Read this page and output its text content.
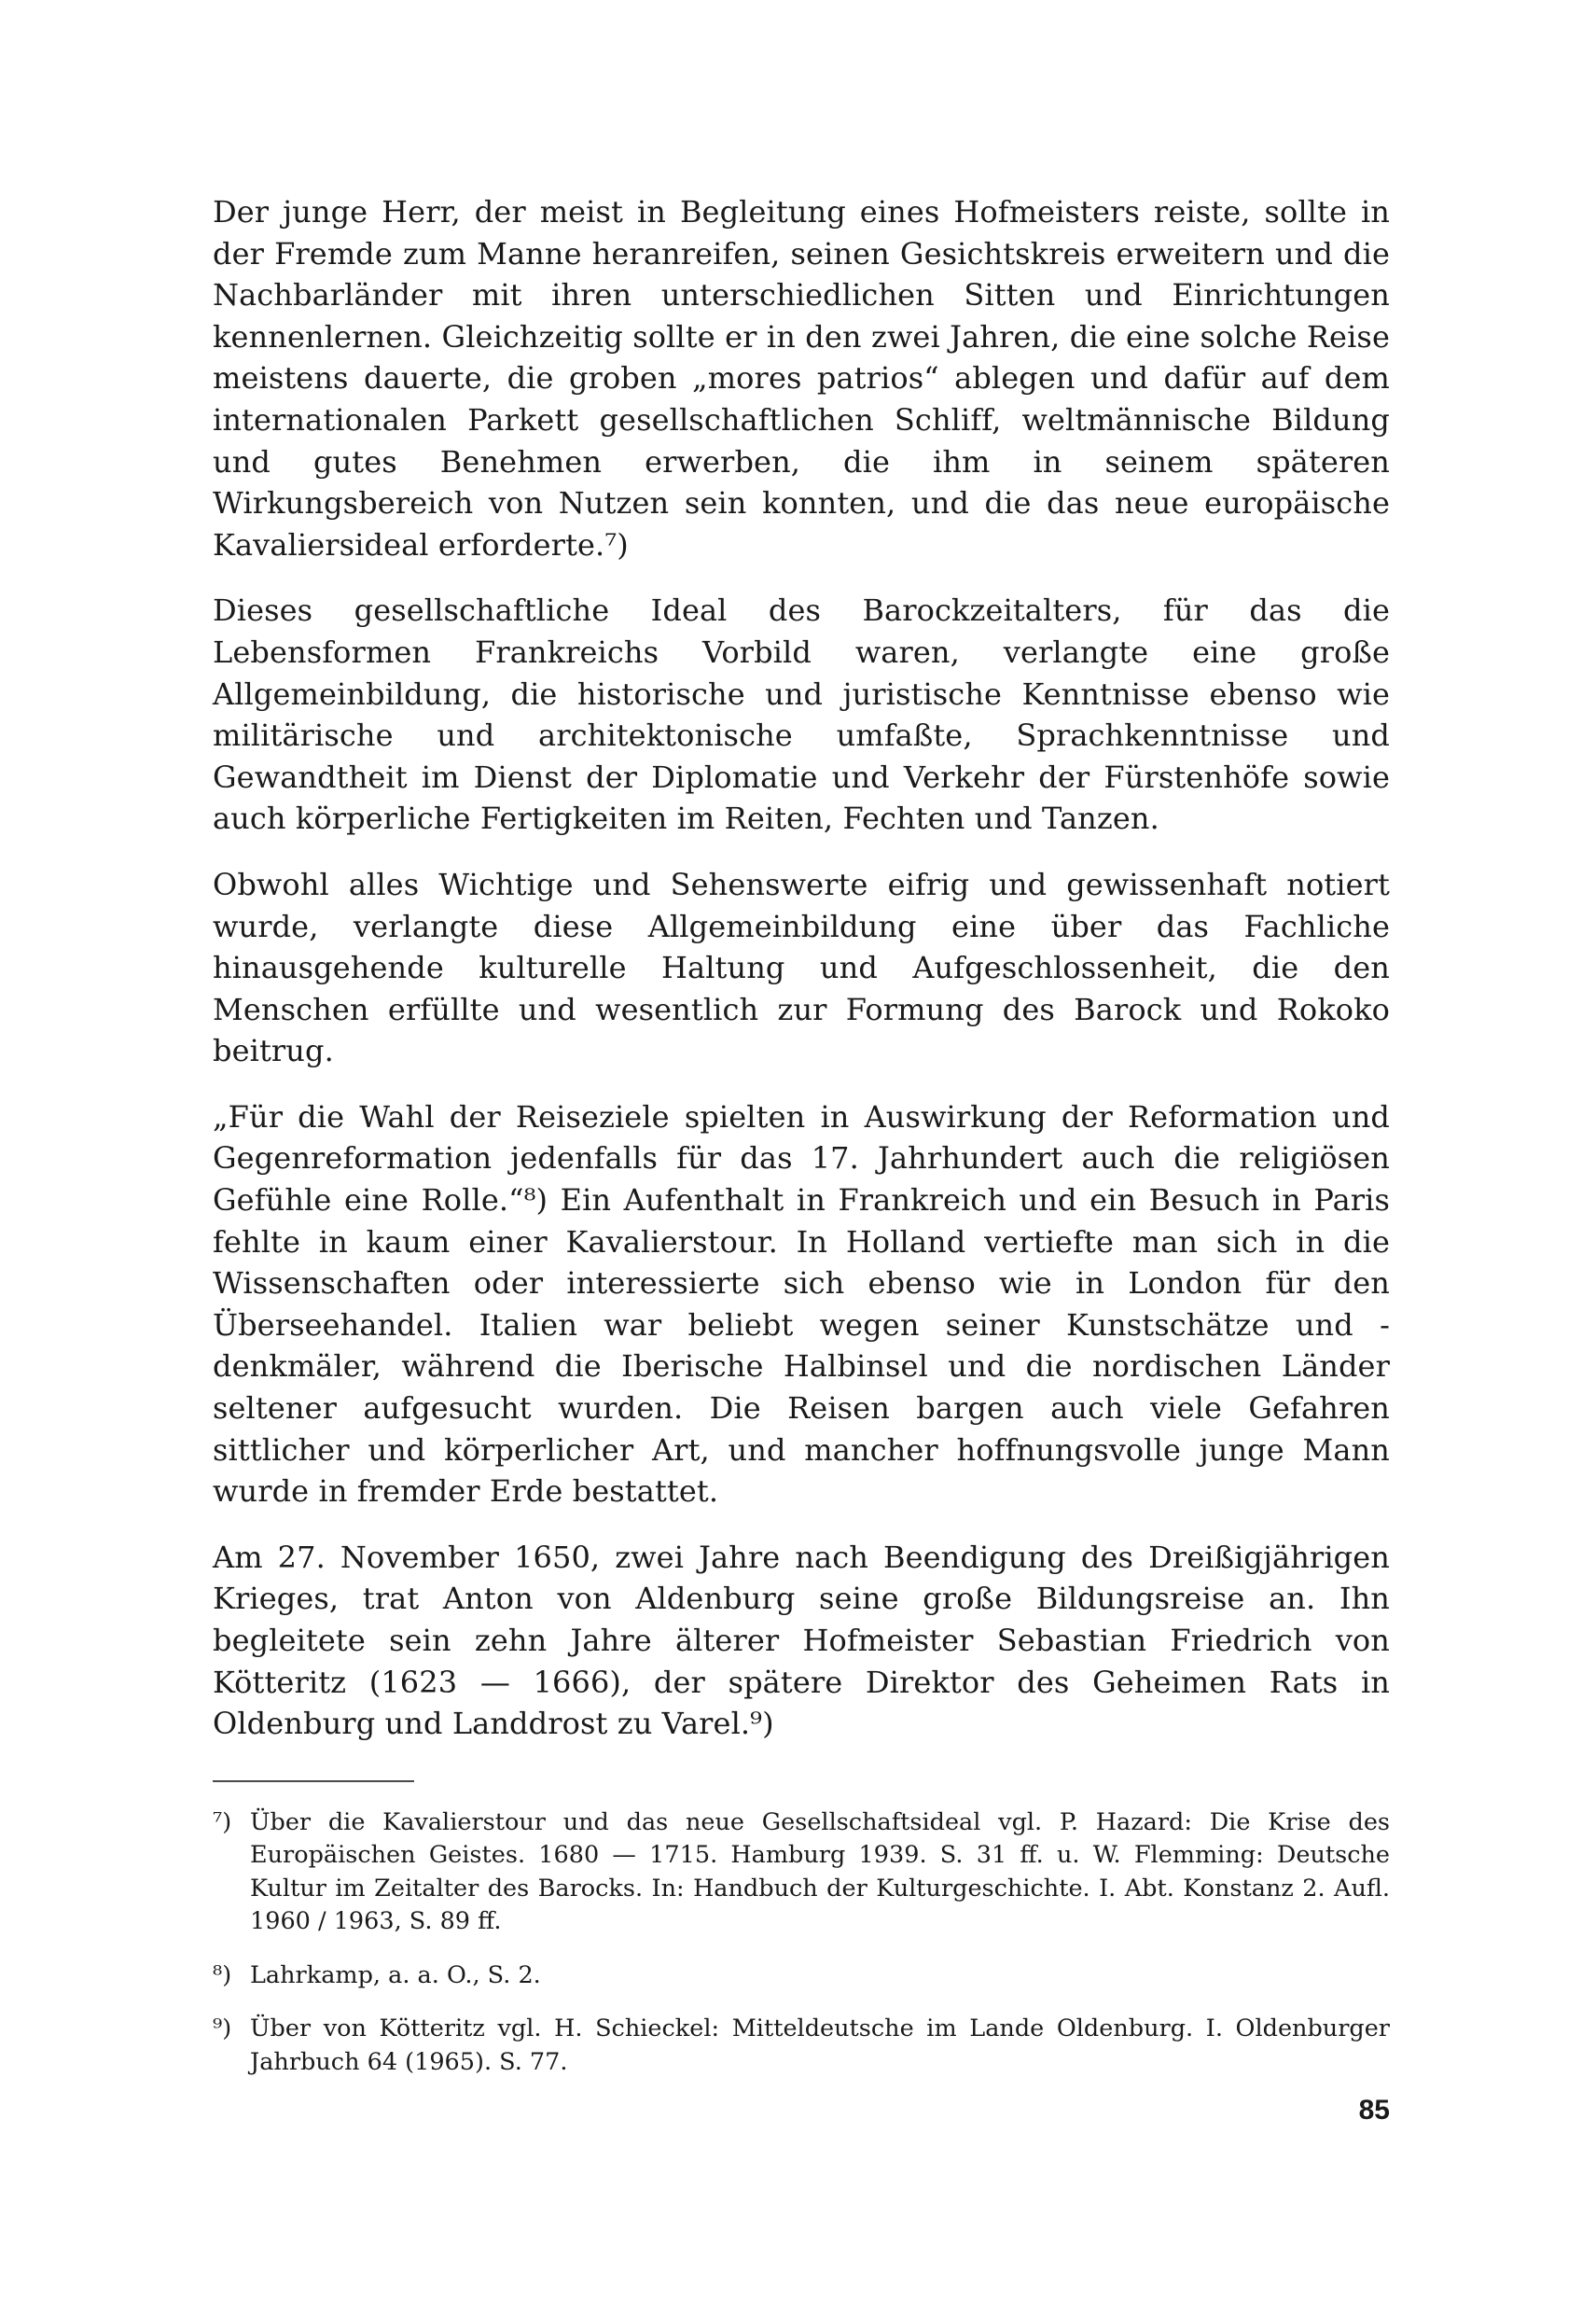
Der junge Herr, der meist in Begleitung eines Hofmeisters reiste, sollte in der Fremde zum Manne heranreifen, seinen Gesichtskreis erweitern und die Nachbarländer mit ihren unterschiedlichen Sitten und Einrichtungen kennenlernen. Gleichzeitig sollte er in den zwei Jahren, die eine solche Reise meistens dauerte, die groben „mores patrios“ ablegen und dafür auf dem internationalen Parkett gesellschaftlichen Schliff, weltmännische Bildung und gutes Benehmen erwerben, die ihm in seinem späteren Wirkungsbereich von Nutzen sein konnten, und die das neue europäische Kavaliersideal erforderte.⁷)

Dieses gesellschaftliche Ideal des Barockzeitalters, für das die Lebensformen Frankreichs Vorbild waren, verlangte eine große Allgemeinbildung, die historische und juristische Kenntnisse ebenso wie militärische und architektonische umfaßte, Sprachkenntnisse und Gewandtheit im Dienst der Diplomatie und Verkehr der Fürstenhöfe sowie auch körperliche Fertigkeiten im Reiten, Fechten und Tanzen.

Obwohl alles Wichtige und Sehenswerte eifrig und gewissenhaft notiert wurde, verlangte diese Allgemeinbildung eine über das Fachliche hinausgehende kulturelle Haltung und Aufgeschlossenheit, die den Menschen erfüllte und wesentlich zur Formung des Barock und Rokoko beitrug.

„Für die Wahl der Reiseziele spielten in Auswirkung der Reformation und Gegenreformation jedenfalls für das 17. Jahrhundert auch die religiösen Gefühle eine Rolle.“⁸) Ein Aufenthalt in Frankreich und ein Besuch in Paris fehlte in kaum einer Kavalierstour. In Holland vertiefte man sich in die Wissenschaften oder interessierte sich ebenso wie in London für den Überseehandel. Italien war beliebt wegen seiner Kunstschätze und -denkmäler, während die Iberische Halbinsel und die nordischen Länder seltener aufgesucht wurden. Die Reisen bargen auch viele Gefahren sittlicher und körperlicher Art, und mancher hoffnungsvolle junge Mann wurde in fremder Erde bestattet.

Am 27. November 1650, zwei Jahre nach Beendigung des Dreißigjährigen Krieges, trat Anton von Aldenburg seine große Bildungsreise an. Ihn begleitete sein zehn Jahre älterer Hofmeister Sebastian Friedrich von Kötteritz (1623 — 1666), der spätere Direktor des Geheimen Rats in Oldenburg und Landdrost zu Varel.⁹)

⁷) Über die Kavalierstour und das neue Gesellschaftsideal vgl. P. Hazard: Die Krise des Europäischen Geistes. 1680 — 1715. Hamburg 1939. S. 31 ff. u. W. Flemming: Deutsche Kultur im Zeitalter des Barocks. In: Handbuch der Kulturgeschichte. I. Abt. Konstanz 2. Aufl. 1960 / 1963, S. 89 ff.
⁸) Lahrkamp, a. a. O., S. 2.
⁹) Über von Kötteritz vgl. H. Schieckel: Mitteldeutsche im Lande Oldenburg. I. Oldenburger Jahrbuch 64 (1965). S. 77.
85
